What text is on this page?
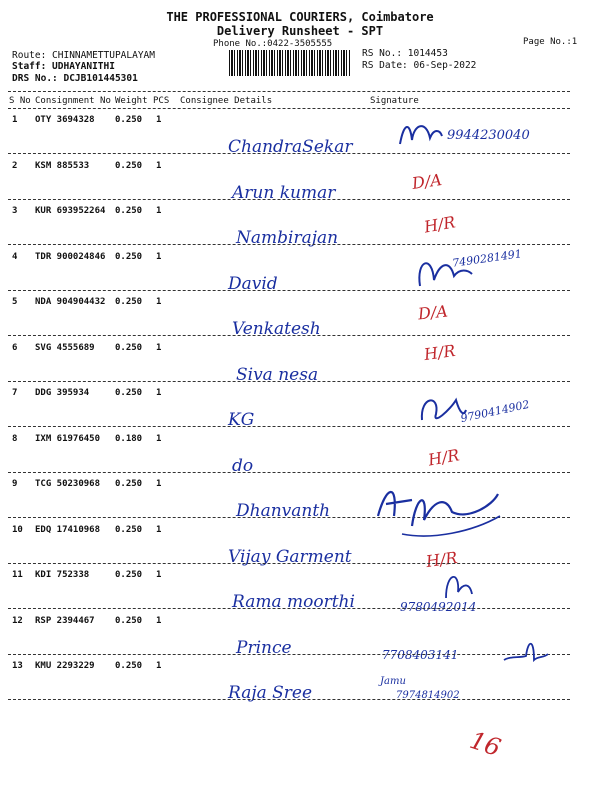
THE PROFESSIONAL COURIERS, Coimbatore
Delivery Runsheet - SPT
Phone No.:0422-3505555	Page No.:1
Route: CHINNAMETTUPALAYAM
Staff: UDHAYANITHI
DRS No.: DCJB101445301
RS No.: 1014453
RS Date: 06-Sep-2022
S No Consignment No Weight PCS Consignee Details	Signature
1 OTY 3694328 0.250 1
ChandraSekar
9944230040
2 KSM 885533	0.250 1
Arun kumar	D/A
3 KUR 693952264 0.250 1
Nambirajan
H/R
4 TDR 900024846 0.250 1
David
7490281491
5 NDA 904904432 0.250 1
Venkatesh
D/A
6 SVG 4555689 0.250 1
Siva nesa
H/R
7 DDG 395934	0.250 1
KG	9790414902
8 IXM 61976450 0.180 1
do	H/R
9 TCG 50230968 0.250 1
Dhanvanth
10 EDQ 17410968 0.250 1
Vijay Garment	H/R
11 KDI 752338	0.250 1
Rama moorthi	9780492014
12 RSP 2394467 0.250 1
Prince	7708403141
13 KMU 2293229 0.250 1
Raja Sree	7974814902
Jamu
16
